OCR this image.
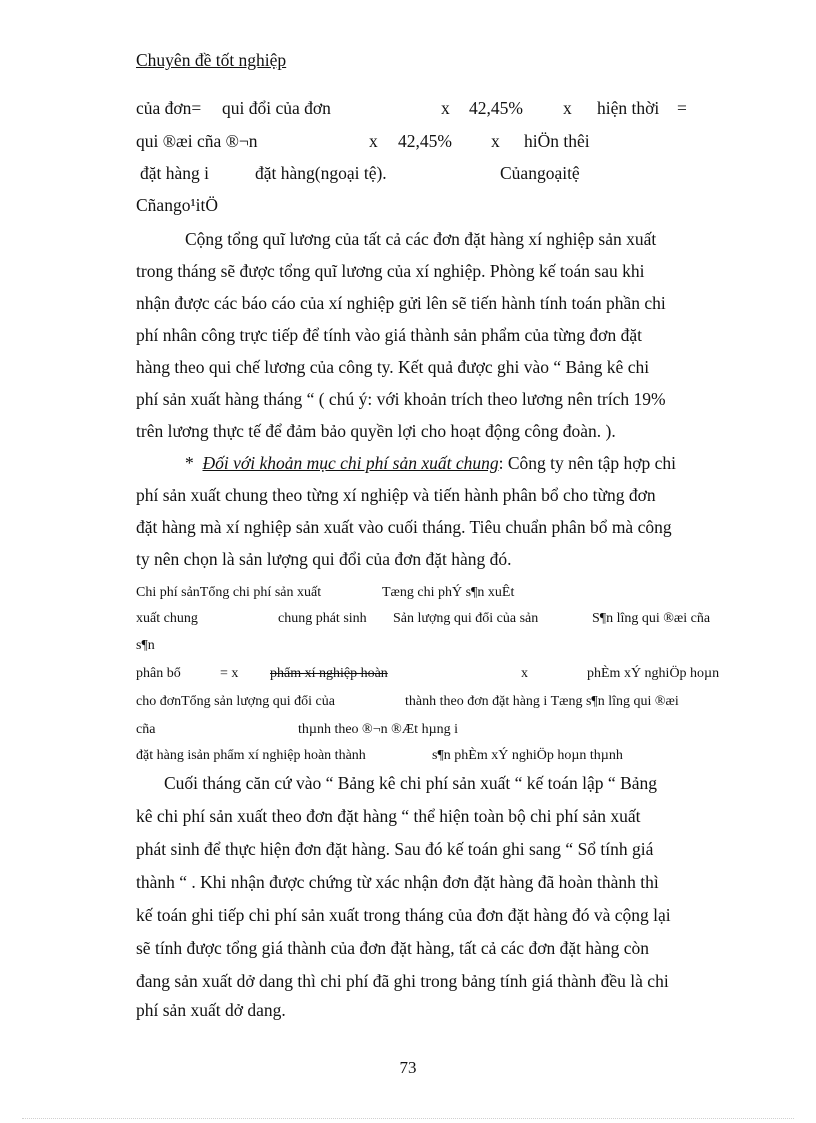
Chuyên đề tốt nghiệp
của đơn= qui đổi của đơn	x 42,45% x hiện thời =
qui ®æi cña ®¬n	x 42,45% x hiÖn thêi
đặt hàng i	đặt hàng(ngoại tệ).	Củangoạitệ
Cñango¹itÖ
Cộng tổng quĩ lương của tất cả các đơn đặt hàng xí nghiệp sản xuất
trong tháng sẽ được tổng quĩ lương của xí nghiệp. Phòng kế toán sau khi
nhận được các báo cáo của xí nghiệp gửi lên sẽ tiến hành tính toán phần chi
phí nhân công trực tiếp để tính vào giá thành sản phẩm của từng đơn đặt
hàng theo qui chế lương của công ty. Kết quả được ghi vào “ Bảng kê chi
phí sản xuất hàng tháng “ ( chú ý: với khoản trích theo lương nên trích 19%
trên lương thực tế để đảm bảo quyền lợi cho hoạt động công đoàn. ).
* Đối với khoản mục chi phí sản xuất chung: Công ty nên tập hợp chi
phí sản xuất chung theo từng xí nghiệp và tiến hành phân bổ cho từng đơn
đặt hàng mà xí nghiệp sản xuất vào cuối tháng. Tiêu chuẩn phân bổ mà công
ty nên chọn là sản lượng qui đổi của đơn đặt hàng đó.
Chi phí sảnTổng chi phí sản xuất	Tæng chi phÝ s¶n xuÊt
xuất chung	chung phát sinh Sản lượng qui đổi của sản	S¶n lîng qui ®æi cña
s¶n
phân bổ	= x phẩm xí nghiệp hoàn	x	phÈm xÝ nghiÖp hoµn
cho đơnTổng sản lượng qui đổi của	thành theo đơn đặt hàng i Tæng s¶n lîng qui ®æi
cña	thµnh theo ®¬n ®Æt hµng i
đặt hàng isản phẩm xí nghiệp hoàn thành	s¶n phÈm xÝ nghiÖp hoµn thµnh
Cuối tháng căn cứ vào “ Bảng kê chi phí sản xuất “ kế toán lập “ Bảng
kê chi phí sản xuất theo đơn đặt hàng “ thể hiện toàn bộ chi phí sản xuất
phát sinh để thực hiện đơn đặt hàng. Sau đó kế toán ghi sang “ Sổ tính giá
thành “ . Khi nhận được chứng từ xác nhận đơn đặt hàng đã hoàn thành thì
kế toán ghi tiếp chi phí sản xuất trong tháng của đơn đặt hàng đó và cộng lại
sẽ tính được tổng giá thành của đơn đặt hàng, tất cả các đơn đặt hàng còn
đang sản xuất dở dang thì chi phí đã ghi trong bảng tính giá thành đều là chi
phí sản xuất dở dang.
73
